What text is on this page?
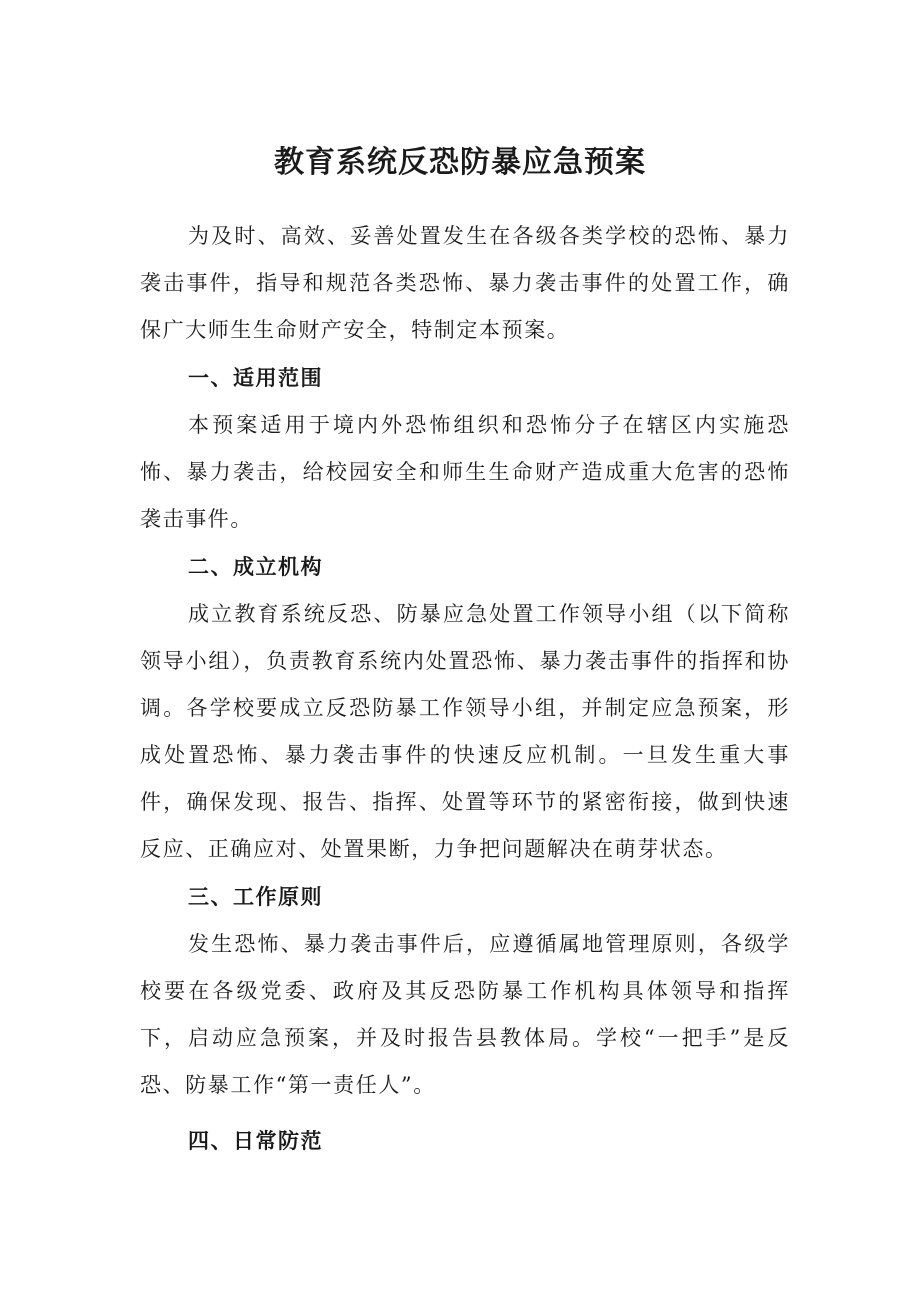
教育系统反恐防暴应急预案

为及时、高效、妥善处置发生在各级各类学校的恐怖、暴力袭击事件，指导和规范各类恐怖、暴力袭击事件的处置工作，确保广大师生生命财产安全，特制定本预案。

一、适用范围

本预案适用于境内外恐怖组织和恐怖分子在辖区内实施恐怖、暴力袭击，给校园安全和师生生命财产造成重大危害的恐怖袭击事件。

二、成立机构

成立教育系统反恐、防暴应急处置工作领导小组（以下简称领导小组），负责教育系统内处置恐怖、暴力袭击事件的指挥和协调。各学校要成立反恐防暴工作领导小组，并制定应急预案，形成处置恐怖、暴力袭击事件的快速反应机制。一旦发生重大事件，确保发现、报告、指挥、处置等环节的紧密衔接，做到快速反应、正确应对、处置果断，力争把问题解决在萌芽状态。

三、工作原则

发生恐怖、暴力袭击事件后，应遵循属地管理原则，各级学校要在各级党委、政府及其反恐防暴工作机构具体领导和指挥下，启动应急预案，并及时报告县教体局。学校“一把手”是反恐、防暴工作“第一责任人”。

四、日常防范
